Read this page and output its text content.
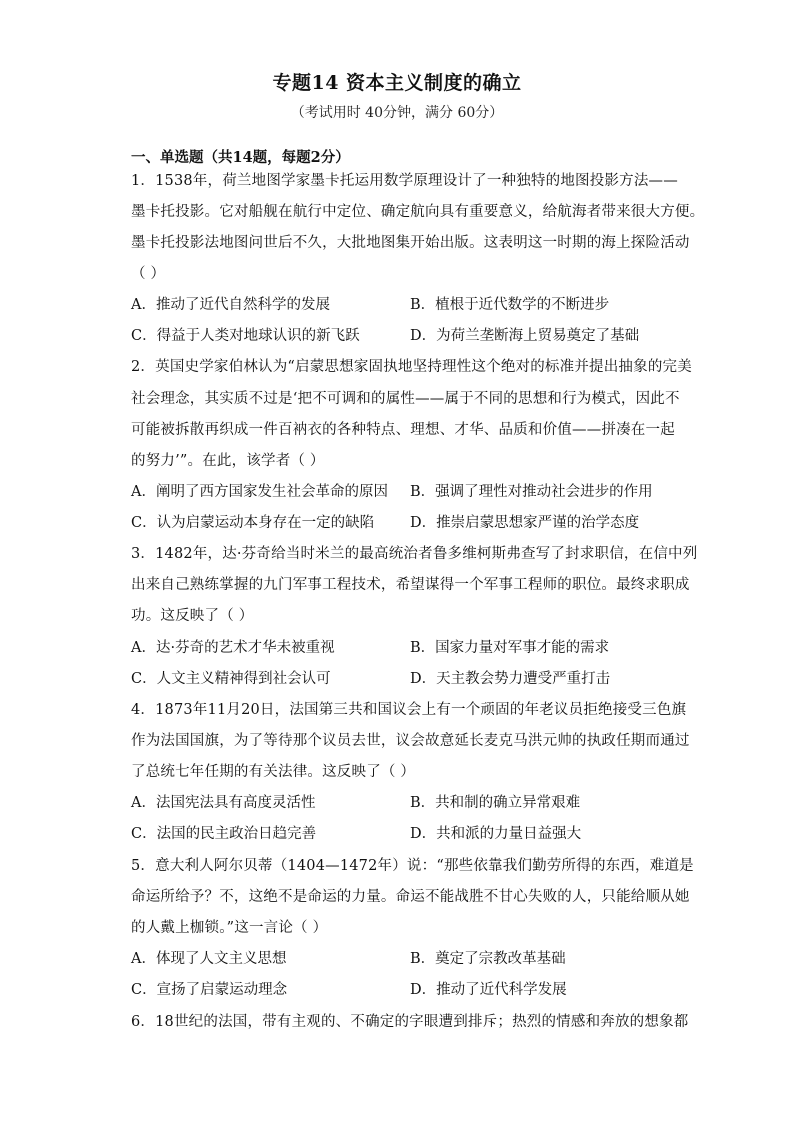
专题14 资本主义制度的确立
（考试用时 40分钟，满分 60分）
一、单选题（共14题，每题2分）
1．1538年，荷兰地图学家墨卡托运用数学原理设计了一种独特的地图投影方法——
墨卡托投影。它对船舰在航行中定位、确定航向具有重要意义，给航海者带来很大方便。
墨卡托投影法地图问世后不久，大批地图集开始出版。这表明这一时期的海上探险活动
（ ）
A．推动了近代自然科学的发展	B．植根于近代数学的不断进步
C．得益于人类对地球认识的新飞跃	D．为荷兰垄断海上贸易奠定了基础
2．英国史学家伯林认为“启蒙思想家固执地坚持理性这个绝对的标准并提出抽象的完美
社会理念，其实质不过是‘把不可调和的属性——属于不同的思想和行为模式，因此不
可能被拆散再织成一件百衲衣的各种特点、理想、才华、品质和价值——拼凑在一起
的努力’”。在此，该学者（ ）
A．阐明了西方国家发生社会革命的原因 B．强调了理性对推动社会进步的作用
C．认为启蒙运动本身存在一定的缺陷 D．推崇启蒙思想家严谨的治学态度
3．1482年，达·芬奇给当时米兰的最高统治者鲁多维柯斯弗查写了封求职信，在信中列
出来自己熟练掌握的九门军事工程技术，希望谋得一个军事工程师的职位。最终求职成
功。这反映了（ ）
A．达·芬奇的艺术才华未被重视	B．国家力量对军事才能的需求
C．人文主义精神得到社会认可	D．天主教会势力遭受严重打击
4．1873年11月20日，法国第三共和国议会上有一个顽固的年老议员拒绝接受三色旗
作为法国国旗，为了等待那个议员去世，议会故意延长麦克马洪元帅的执政任期而通过
了总统七年任期的有关法律。这反映了（ ）
A．法国宪法具有高度灵活性	B．共和制的确立异常艰难
C．法国的民主政治日趋完善	D．共和派的力量日益强大
5．意大利人阿尔贝蒂（1404—1472年）说：“那些依靠我们勤劳所得的东西，难道是
命运所给予？不，这绝不是命运的力量。命运不能战胜不甘心失败的人，只能给顺从她
的人戴上枷锁。”这一言论（ ）
A．体现了人文主义思想	B．奠定了宗教改革基础
C．宣扬了启蒙运动理念	D．推动了近代科学发展
6．18世纪的法国，带有主观的、不确定的字眼遭到排斥；热烈的情感和奔放的想象都
